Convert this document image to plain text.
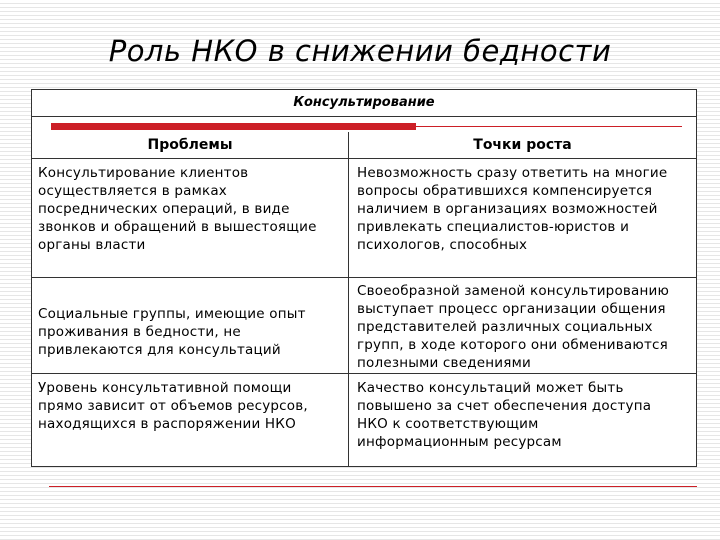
Роль НКО в снижении бедности
Консультирование
Проблемы	Точки роста
Консультирование клиентов
осуществляется в рамках
посреднических операций, в виде
звонков и обращений в вышестоящие
органы власти
Невозможность сразу ответить на многие
вопросы обратившихся компенсируется
наличием в организациях возможностей
привлекать специалистов-юристов и
психологов, способных
Социальные группы, имеющие опыт
проживания в бедности, не
привлекаются для консультаций
Своеобразной заменой консультированию
выступает процесс организации общения
представителей различных социальных
групп, в ходе которого они обмениваются
полезными сведениями
Уровень консультативной помощи
прямо зависит от объемов ресурсов,
находящихся в распоряжении НКО
Качество консультаций может быть
повышено за счет обеспечения доступа
НКО к соответствующим
информационным ресурсам
